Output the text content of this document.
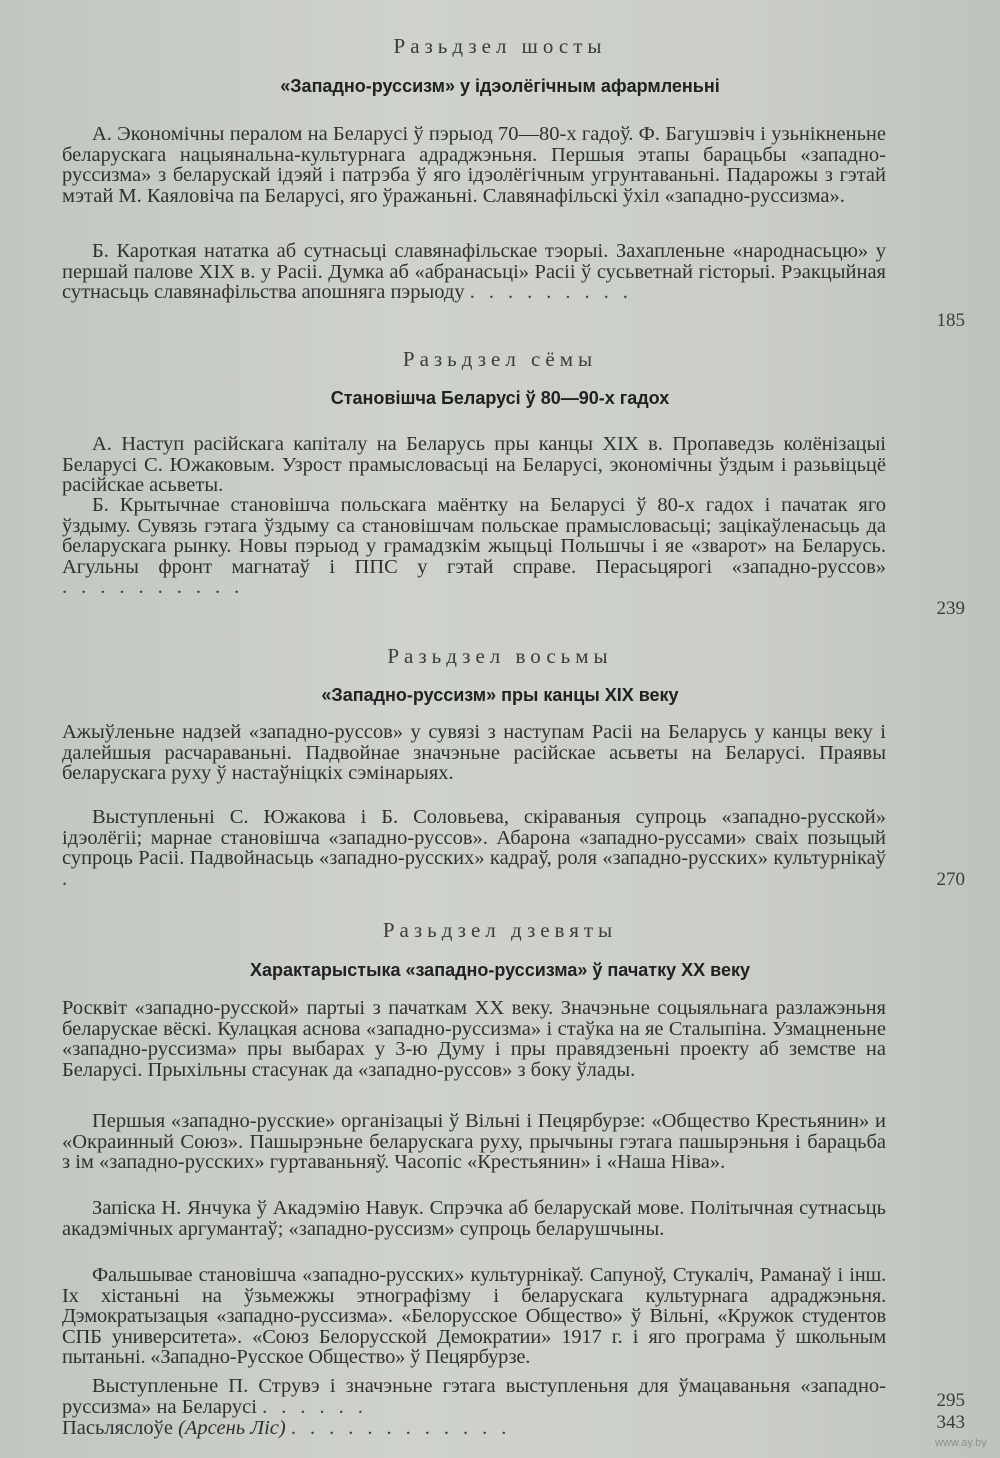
Разьдзел шосты
«Западно-руссизм» у ідэолёгічным афармленьні

А. Экономічны пералом на Беларусі ў пэрыод 70—80-х гадоў. Ф. Багушэвіч і узьнікненьне беларускага нацыянальна-культурнага адраджэньня. Першыя этапы барацьбы «западно-руссизма» з беларускай ідэяй і патрэба ў яго ідэолёгічным угрунтаваньні. Падарожы з гэтай мэтай М. Каяловіча па Беларусі, яго ўражаньні. Славянафільскі ўхіл «западно-руссизма».

Б. Кароткая нататка аб сутнасьці славянафільскае тэорыі. Захапленьне «народнасьцю» у першай палове XIX в. у Расіі. Думка аб «абранасьці» Расіі ў сусьветнай гісторыі. Рэакцыйная сутнасьць славянафільства апошняга пэрыоду .........

185
Разьдзел сёмы
Становішча Беларусі ў 80—90-х гадох

А. Наступ расійскага капіталу на Беларусь пры канцы XIX в. Пропаведзь колёнізацыі Беларусі С. Южаковым. Узрост прамысловасьці на Беларусі, экономічны ўздым і разьвіцьцё расійскае асьветы.

Б. Крытычнае становішча польскага маёнтку на Беларусі ў 80-х гадох і пачатак яго ўздыму. Сувязь гэтага ўздыму са становішчам польскае прамысловасьці; зацікаўленасьць да беларускага рынку. Новы пэрыод у грамадзкім жыцьці Польшчы і яе «зварот» на Беларусь. Агульны фронт магнатаў і ППС у гэтай справе. Перасьцярогі «западно-руссов» ..........

239
Разьдзел восьмы
«Западно-руссизм» пры канцы XIX веку

Ажыўленьне надзей «западно-руссов» у сувязі з наступам Расіі на Беларусь у канцы веку і далейшыя расчараваньні. Падвойнае значэньне расійскае асьветы на Беларусі. Праявы беларускага руху ў настаўніцкіх сэмінарыях.

Выступленьні С. Южакова і Б. Соловьева, скіраваныя супроць «западно-русской» ідэолёгіі; марнае становішча «западно-руссов». Абарона «западно-руссами» сваіх позыцый супроць Расіі. Падвойнасьць «западно-русских» кадраў, роля «западно-русских» культурнікаў .	270
Разьдзел дзевяты
Характарыстыка «западно-руссизма» ў пачатку XX веку

Росквіт «западно-русской» партыі з пачаткам XX веку. Значэньне соцыяльнага разлажэньня беларускае вёскі. Кулацкая аснова «западно-руссизма» і стаўка на яе Сталыпіна. Узмацненьне «западно-руссизма» пры выбарах у 3-ю Думу і пры правядзеньні проекту аб земстве на Беларусі. Прыхільны стасунак да «западно-руссов» з боку ўлады.

Першыя «западно-русские» організацыі ў Вільні і Пецярбурзе: «Общество Крестьянин» и «Окраинный Союз». Пашырэньне беларускага руху, прычыны гэтага пашырэньня і барацьба з ім «западно-русских» гуртаваньняў. Часопіс «Крестьянин» і «Наша Ніва».

Запіска Н. Янчука ў Акадэмію Навук. Спрэчка аб беларускай мове. Політычная сутнасьць акадэмічных аргумантаў; «западно-руссизм» супроць беларушчыны.

Фальшывае становішча «западно-русских» культурнікаў. Сапуноў, Стукаліч, Раманаў і інш. Іх хістаньні на ўзьмежжы этнографізму і беларускага культурнага адраджэньня. Дэмократызацыя «западно-руссизма». «Белорусское Общество» ў Вільні, «Кружок студентов СПБ университета». «Союз Белорусской Демократии» 1917 г. і яго програма ў школьным пытаньні. «Западно-Русское Общество» ў Пецярбурзе.

Выступленьне П. Струвэ і значэньне гэтага выступленьня для ўмацаваньня «западно-руссизма» на Беларусі ......	295

Пасьляслоўе (Арсень Ліс) ............	343
www.ay.by
